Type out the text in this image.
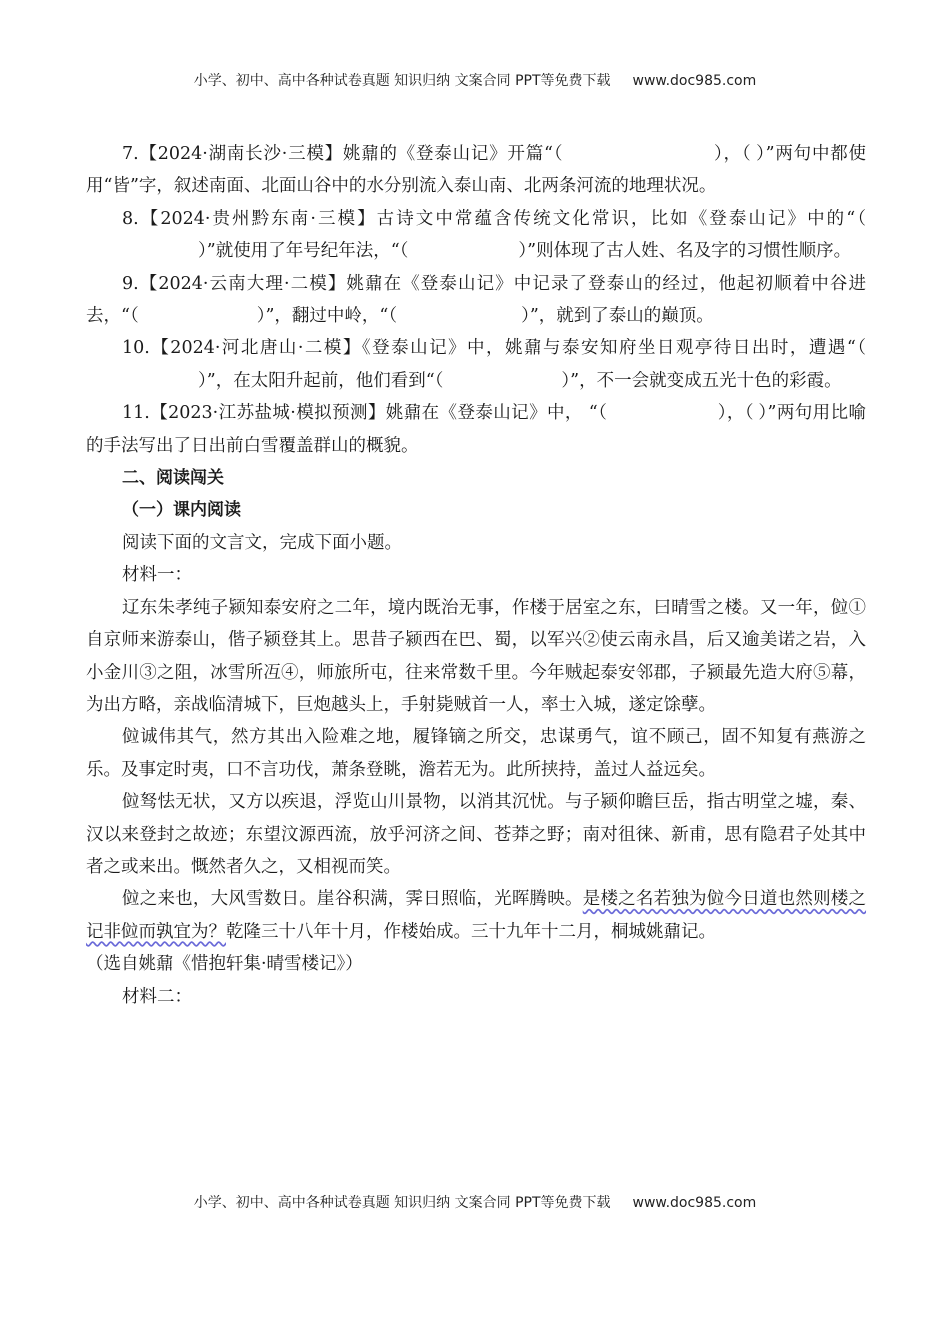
小学、初中、高中各种试卷真题 知识归纳 文案合同 PPT等免费下载 www.doc985.com

7.【2024·湖南长沙·三模】姚鼐的《登泰山记》开篇“（	），（ ）”两句中都使用“皆”字，叙述南面、北面山谷中的水分别流入泰山南、北两条河流的地理状况。

8.【2024·贵州黔东南·三模】古诗文中常蕴含传统文化常识，比如《登泰山记》中的“（）”就使用了年号纪年法，“（	）”则体现了古人姓、名及字的习惯性顺序。

9.【2024·云南大理·二模】姚鼐在《登泰山记》中记录了登泰山的经过，他起初顺着中谷进去，“（	）”，翻过中岭，“（	）”，就到了泰山的巅顶。

10.【2024·河北唐山·二模】《登泰山记》中，姚鼐与泰安知府坐日观亭待日出时，遭遇“（）”，在太阳升起前，他们看到“（	）”，不一会就变成五光十色的彩霞。

11.【2023·江苏盐城·模拟预测】姚鼐在《登泰山记》中， “（	），（ ）”两句用比喻的手法写出了日出前白雪覆盖群山的概貌。

二、阅读闯关

（一）课内阅读

阅读下面的文言文，完成下面小题。

材料一：

辽东朱孝纯子颍知泰安府之二年，境内既治无事，作楼于居室之东，曰晴雪之楼。又一年，傡①自京师来游泰山，偕子颍登其上。思昔子颍西在巴、蜀，以军兴②使云南永昌，后又逾美诺之岩，入小金川③之阻，冰雪所冱④，师旅所屯，往来常数千里。今年贼起泰安邻郡，子颍最先造大府⑤幕，为出方略，亲战临清城下，巨炮越头上，手射毙贼首一人，率士入城，遂定馀孽。

傡诚伟其气，然方其出入险难之地，履锋镝之所交，忠谋勇气，谊不顾己，固不知复有燕游之乐。及事定时夷，口不言功伐，萧条登眺，澹若无为。此所挟持，盖过人益远矣。

傡驽怯无状，又方以疾退，浮览山川景物，以消其沉忧。与子颍仰瞻巨岳，指古明堂之墟，秦、汉以来登封之故迹；东望汶源西流，放乎河济之间、苍莽之野；南对徂徕、新甫，思有隐君子处其中者之或来出。慨然者久之，又相视而笑。

傡之来也，大风雪数日。崖谷积满，霁日照临，光晖腾映。是楼之名若独为傡今日道也然则楼之记非傡而孰宜为？乾隆三十八年十月，作楼始成。三十九年十二月，桐城姚鼐记。

（选自姚鼐《惜抱轩集·晴雪楼记》）

材料二：

小学、初中、高中各种试卷真题 知识归纳 文案合同 PPT等免费下载 www.doc985.com
